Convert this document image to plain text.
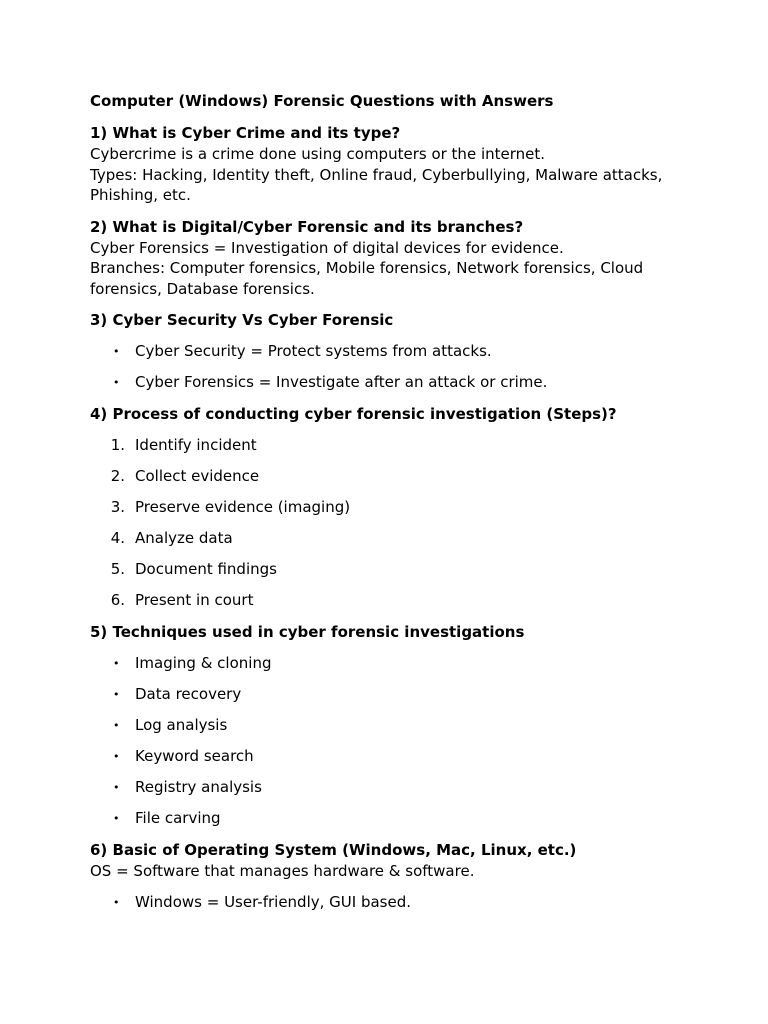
Computer (Windows) Forensic Questions with Answers
1) What is Cyber Crime and its type?
Cybercrime is a crime done using computers or the internet.
Types: Hacking, Identity theft, Online fraud, Cyberbullying, Malware attacks, Phishing, etc.
2) What is Digital/Cyber Forensic and its branches?
Cyber Forensics = Investigation of digital devices for evidence.
Branches: Computer forensics, Mobile forensics, Network forensics, Cloud forensics, Database forensics.
3) Cyber Security Vs Cyber Forensic
• Cyber Security = Protect systems from attacks.
• Cyber Forensics = Investigate after an attack or crime.
4) Process of conducting cyber forensic investigation (Steps)?
1. Identify incident
2. Collect evidence
3. Preserve evidence (imaging)
4. Analyze data
5. Document findings
6. Present in court
5) Techniques used in cyber forensic investigations
• Imaging & cloning
• Data recovery
• Log analysis
• Keyword search
• Registry analysis
• File carving
6) Basic of Operating System (Windows, Mac, Linux, etc.)
OS = Software that manages hardware & software.
• Windows = User-friendly, GUI based.
